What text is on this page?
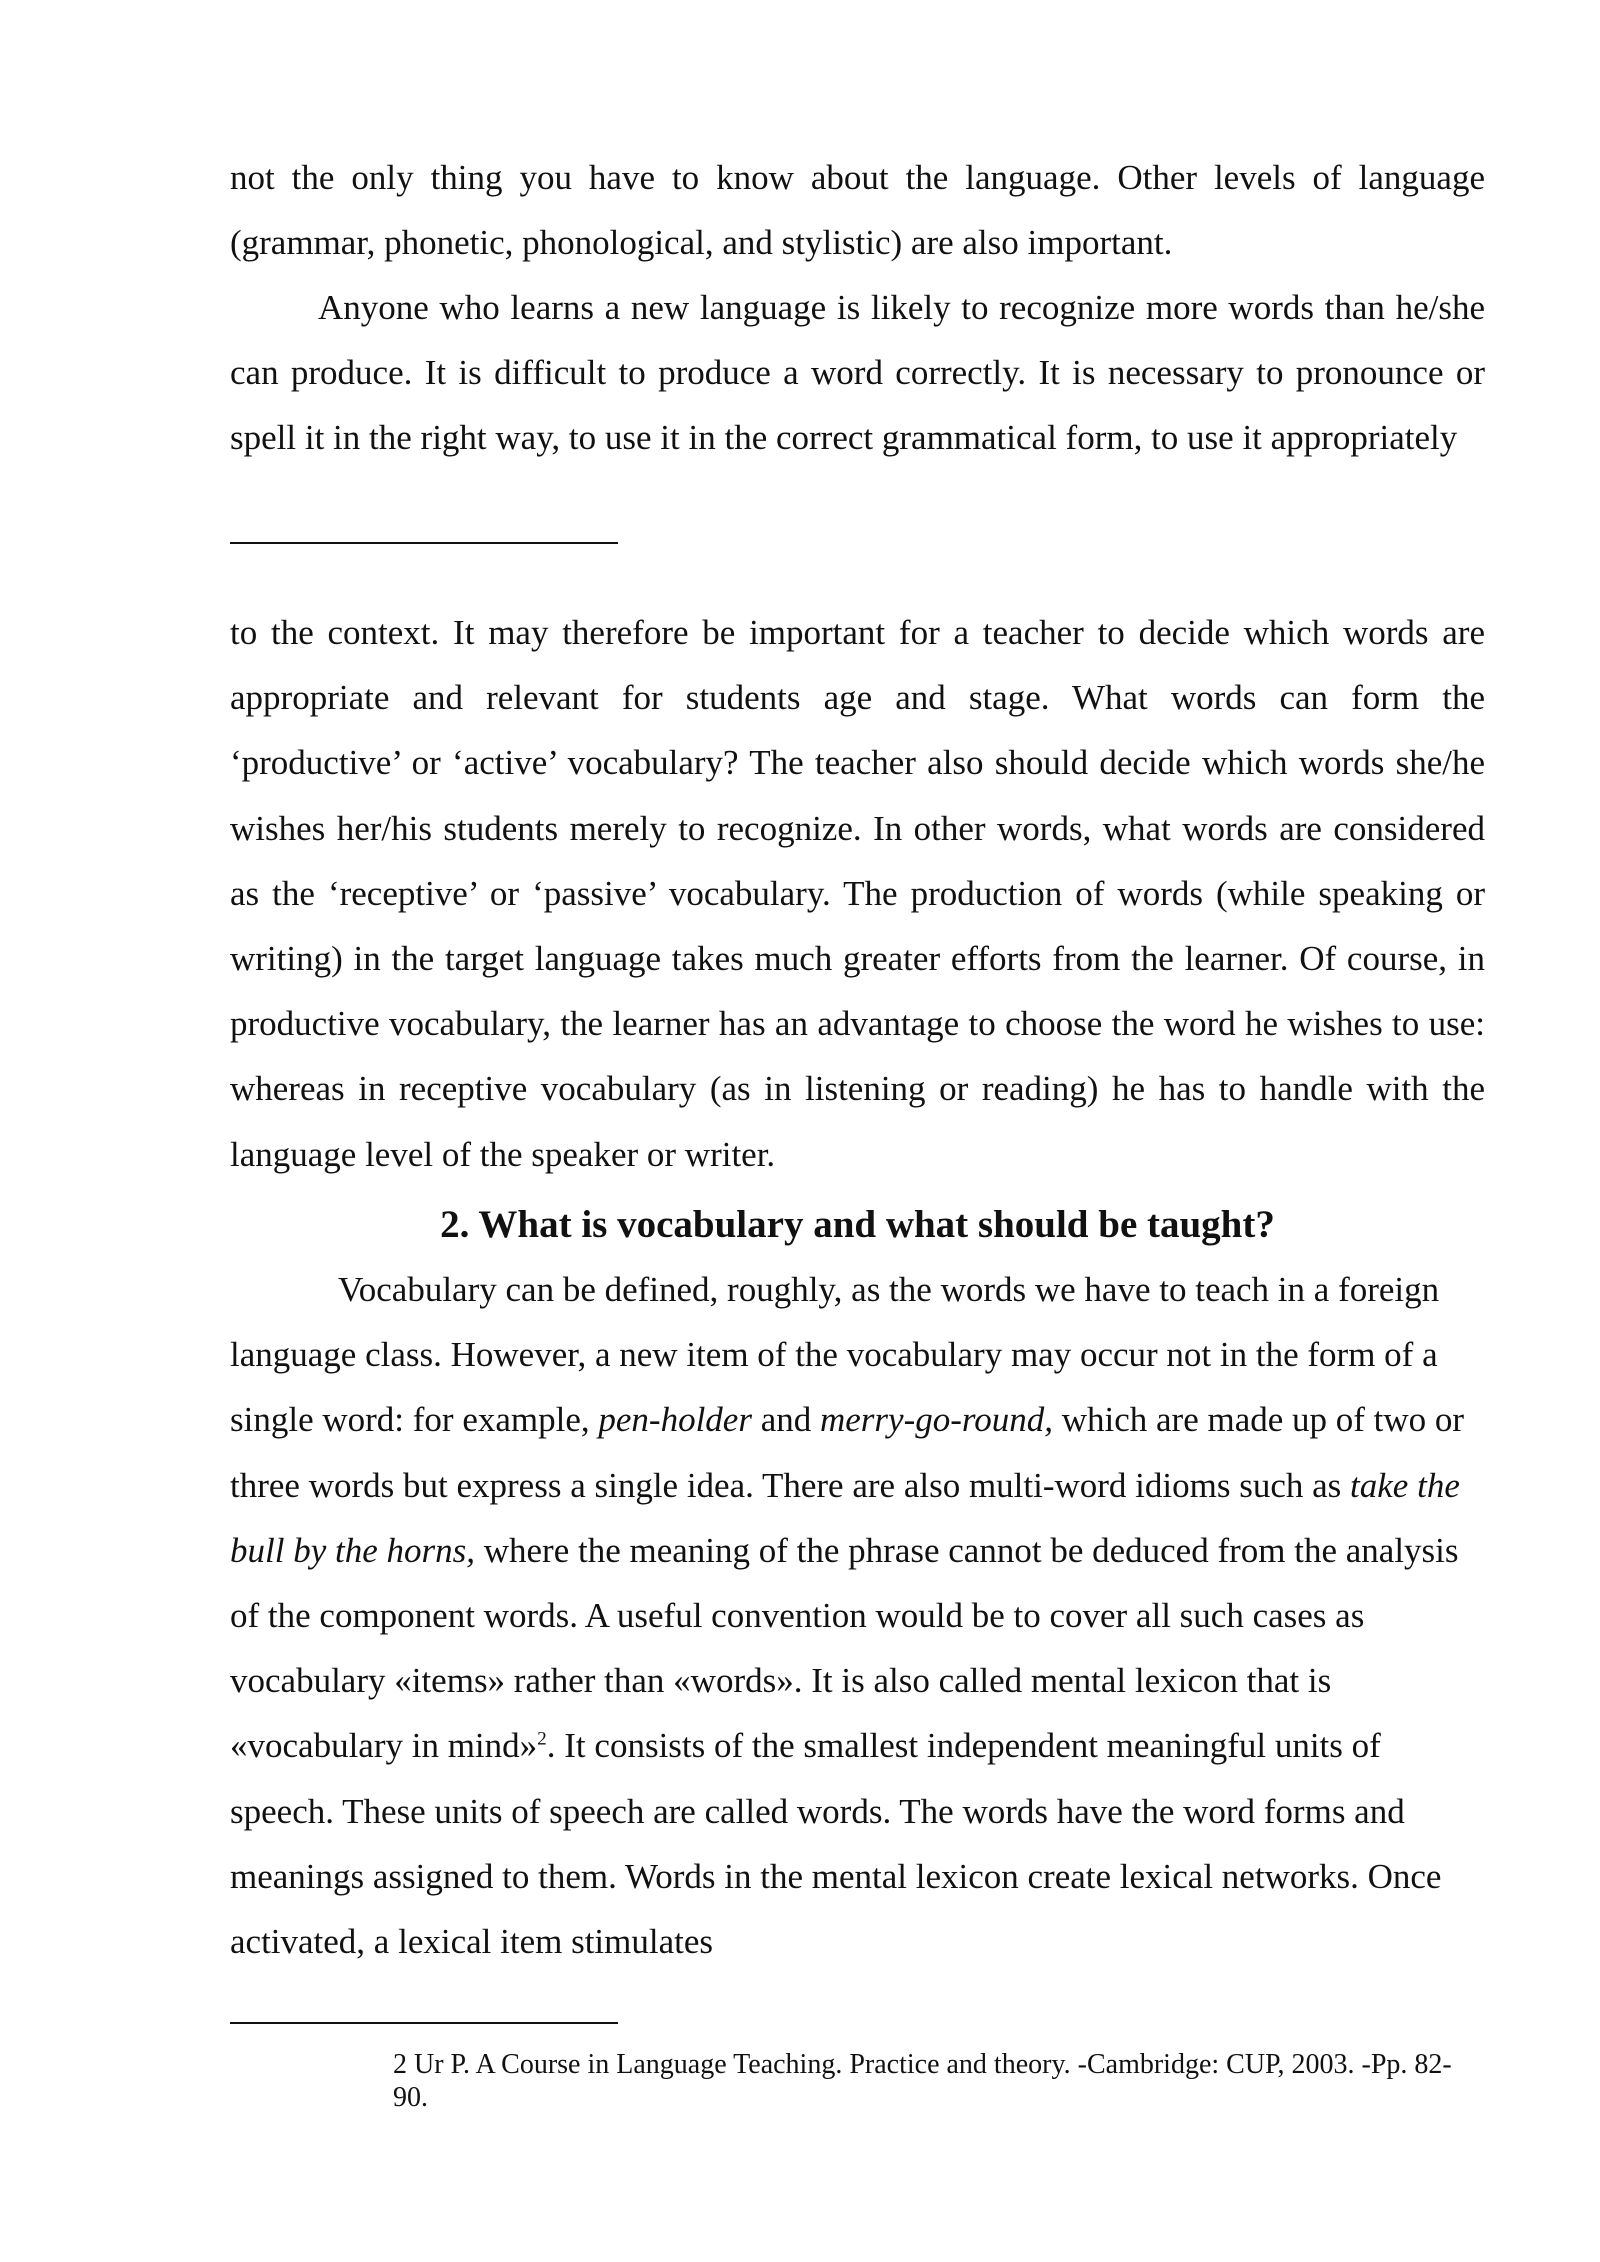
not the only thing you have to know about the language. Other levels of language (grammar, phonetic, phonological, and stylistic) are also important.

Anyone who learns a new language is likely to recognize more words than he/she can produce. It is difficult to produce a word correctly. It is necessary to pronounce or spell it in the right way, to use it in the correct grammatical form, to use it appropriately

to the context. It may therefore be important for a teacher to decide which words are appropriate and relevant for students age and stage. What words can form the ‘productive’ or ‘active’ vocabulary? The teacher also should decide which words she/he wishes her/his students merely to recognize. In other words, what words are considered as the ‘receptive’ or ‘passive’ vocabulary. The production of words (while speaking or writing) in the target language takes much greater efforts from the learner. Of course, in productive vocabulary, the learner has an advantage to choose the word he wishes to use: whereas in receptive vocabulary (as in listening or reading) he has to handle with the language level of the speaker or writer.

2. What is vocabulary and what should be taught?

Vocabulary can be defined, roughly, as the words we have to teach in a foreign language class. However, a new item of the vocabulary may occur not in the form of a single word: for example, pen-holder and merry-go-round, which are made up of two or three words but express a single idea. There are also multi-word idioms such as take the bull by the horns, where the meaning of the phrase cannot be deduced from the analysis of the component words. A useful convention would be to cover all such cases as vocabulary «items» rather than «words». It is also called mental lexicon that is «vocabulary in mind»$^2$. It consists of the smallest independent meaningful units of speech. These units of speech are called words. The words have the word forms and meanings assigned to them. Words in the mental lexicon create lexical networks. Once activated, a lexical item stimulates

2 Ur P. A Course in Language Teaching. Practice and theory. -Cambridge: CUP, 2003. -Pp. 82-90.
